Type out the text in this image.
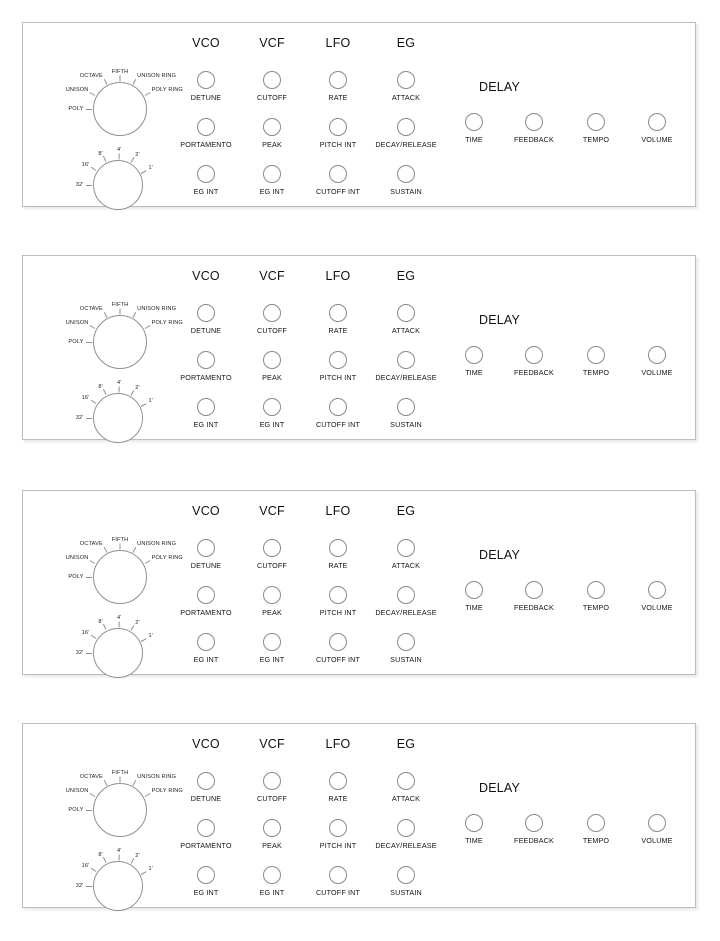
POLY
UNISON
OCTAVE
FIFTH
UNISON RING
POLY RING
32'
16'
8'
4'
2'
1'
VCO
DETUNE
PORTAMENTO
EG INT
VCF
CUTOFF
PEAK
EG INT
LFO
RATE
PITCH INT
CUTOFF INT
EG
ATTACK
DECAY/RELEASE
SUSTAIN
DELAY
TIME	FEEDBACK	TEMPO	VOLUME
POLY
UNISON
OCTAVE
FIFTH
UNISON RING
POLY RING
32'
16'
8'
4'
2'
1'
VCO
DETUNE
PORTAMENTO
EG INT
VCF
CUTOFF
PEAK
EG INT
LFO
RATE
PITCH INT
CUTOFF INT
EG
ATTACK
DECAY/RELEASE
SUSTAIN
DELAY
TIME	FEEDBACK	TEMPO	VOLUME
POLY
UNISON
OCTAVE
FIFTH
UNISON RING
POLY RING
32'
16'
8'
4'
2'
1'
VCO
DETUNE
PORTAMENTO
EG INT
VCF
CUTOFF
PEAK
EG INT
LFO
RATE
PITCH INT
CUTOFF INT
EG
ATTACK
DECAY/RELEASE
SUSTAIN
DELAY
TIME	FEEDBACK	TEMPO	VOLUME
POLY
UNISON
OCTAVE
FIFTH
UNISON RING
POLY RING
32'
16'
8'
4'
2'
1'
VCO
DETUNE
PORTAMENTO
EG INT
VCF
CUTOFF
PEAK
EG INT
LFO
RATE
PITCH INT
CUTOFF INT
EG
ATTACK
DECAY/RELEASE
SUSTAIN
DELAY
TIME	FEEDBACK	TEMPO	VOLUME
